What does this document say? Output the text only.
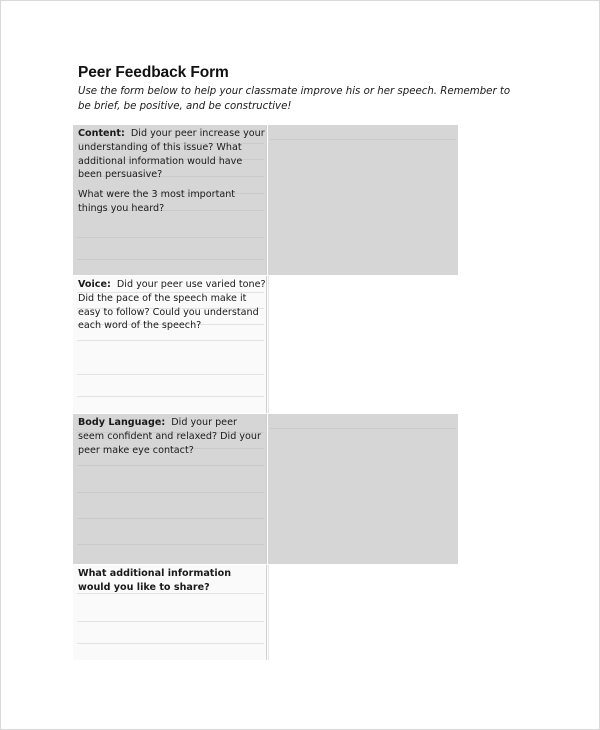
Peer Feedback Form
Use the form below to help your classmate improve his or her speech. Remember to be brief, be positive, and be constructive!

Content: Did your peer increase your understanding of this issue? What additional information would have been persuasive?

What were the 3 most important things you heard?

Voice: Did your peer use varied tone? Did the pace of the speech make it easy to follow? Could you understand each word of the speech?

Body Language: Did your peer seem confident and relaxed? Did your peer make eye contact?

What additional information would you like to share?
